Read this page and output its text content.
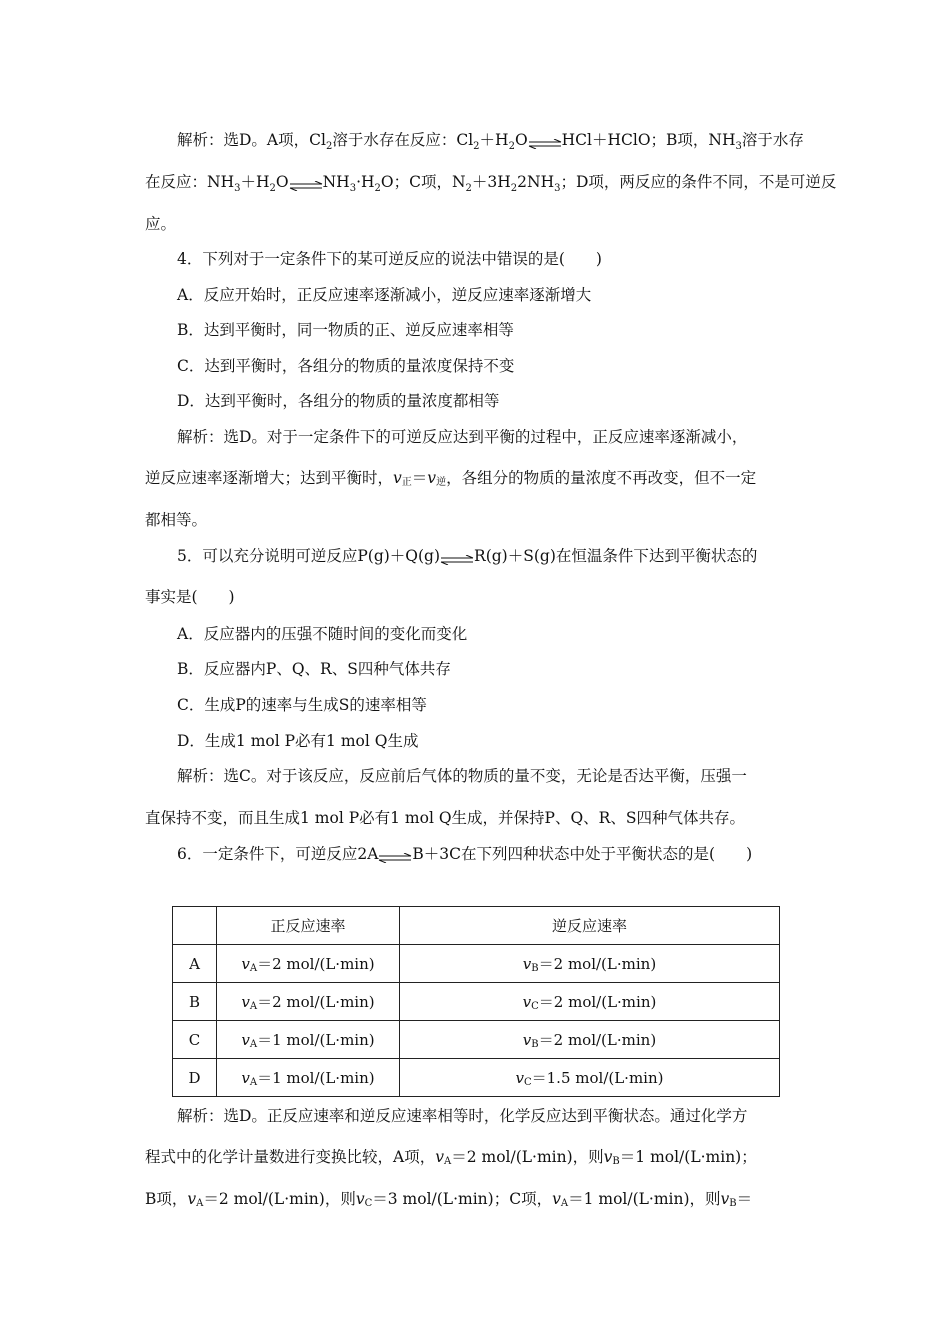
解析：选D。A项，$Cl_2$溶于水存在反应：$Cl_2+H_2O\rightleftharpoons HCl+HClO$；B项，$NH_3$溶于水存
在反应：$NH_3+H_2O\rightleftharpoons NH_3\cdot H_2O$；C项，$N_2+3H_22NH_3$；D项，两反应的条件不同，不是可逆反
应。
4．下列对于一定条件下的某可逆反应的说法中错误的是(　　)
A．反应开始时，正反应速率逐渐减小，逆反应速率逐渐增大
B．达到平衡时，同一物质的正、逆反应速率相等
C．达到平衡时，各组分的物质的量浓度保持不变
D．达到平衡时，各组分的物质的量浓度都相等
解析：选D。对于一定条件下的可逆反应达到平衡的过程中，正反应速率逐渐减小，
逆反应速率逐渐增大；达到平衡时，v正＝v逆，各组分的物质的量浓度不再改变，但不一定
都相等。
5．可以充分说明可逆反应P(g)＋Q(g)⇌R(g)＋S(g)在恒温条件下达到平衡状态的
事实是(　　)
A．反应器内的压强不随时间的变化而变化
B．反应器内P、Q、R、S四种气体共存
C．生成P的速率与生成S的速率相等
D．生成1 mol P必有1 mol Q生成
解析：选C。对于该反应，反应前后气体的物质的量不变，无论是否达平衡，压强一
直保持不变，而且生成1 mol P必有1 mol Q生成，并保持P、Q、R、S四种气体共存。
6．一定条件下，可逆反应2A⇌B＋3C在下列四种状态中处于平衡状态的是(　　)
	正反应速率	逆反应速率
A	vA＝2 mol/(L·min)	vB＝2 mol/(L·min)
B	vA＝2 mol/(L·min)	vC＝2 mol/(L·min)
C	vA＝1 mol/(L·min)	vB＝2 mol/(L·min)
D	vA＝1 mol/(L·min)	vC＝1.5 mol/(L·min)
解析：选D。正反应速率和逆反应速率相等时，化学反应达到平衡状态。通过化学方
程式中的化学计量数进行变换比较，A项，vA＝2 mol/(L·min)，则vB＝1 mol/(L·min)；
B项，vA＝2 mol/(L·min)，则vC＝3 mol/(L·min)；C项，vA＝1 mol/(L·min)，则vB＝
